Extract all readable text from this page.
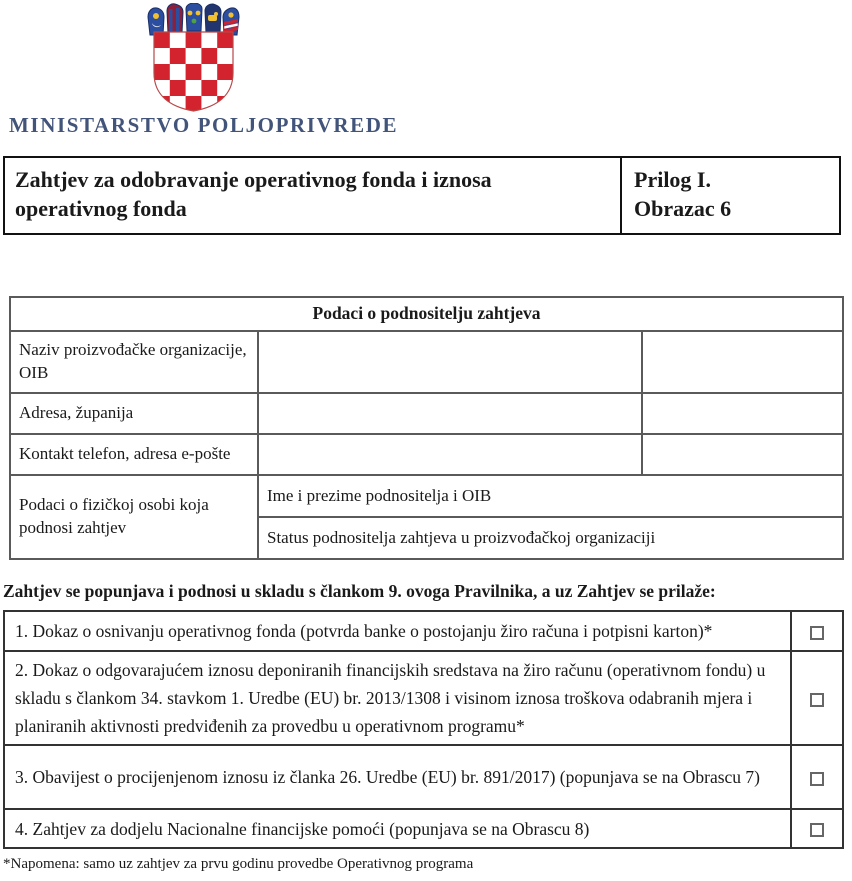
MINISTARSTVO POLJOPRIVREDE
Zahtjev za odobravanje operativnog fonda i iznosa operativnog fonda
Prilog I.
Obrazac 6
Podaci o podnositelju zahtjeva		
Naziv proizvođačke organizacije, OIB		
Adresa, županija		
Kontakt telefon, adresa e-pošte		
Podaci o fizičkoj osobi koja podnosi zahtjev	Ime i prezime podnositelja i OIB	
	Status podnositelja zahtjeva u proizvođačkoj organizaciji	
Zahtjev se popunjava i podnosi u skladu s člankom 9. ovoga Pravilnika, a uz Zahtjev se prilaže:
1. Dokaz o osnivanju operativnog fonda (potvrda banke o postojanju žiro računa i potpisni karton)*	
2. Dokaz o odgovarajućem iznosu deponiranih financijskih sredstava na žiro računu (operativnom fondu) u skladu s člankom 34. stavkom 1. Uredbe (EU) br. 2013/1308 i visinom iznosa troškova odabranih mjera i planiranih aktivnosti predviđenih za provedbu u operativnom programu*	
3. Obavijest o procijenjenom iznosu iz članka 26. Uredbe (EU) br. 891/2017) (popunjava se na Obrascu 7)	
4. Zahtjev za dodjelu Nacionalne financijske pomoći (popunjava se na Obrascu 8)	
*Napomena: samo uz zahtjev za prvu godinu provedbe Operativnog programa
